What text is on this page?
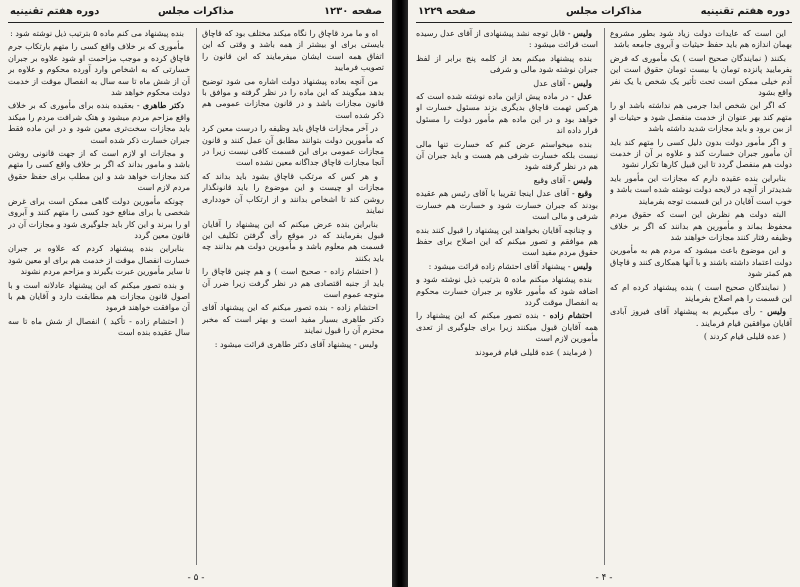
صفحه ۱۲۳۰
مذاکرات مجلس
دوره هفتم تقنینیه

اه و ما مرد قاچاق را نگاه میکند مختلف بود که قاچاق بایستی برای او بیشتر از همه باشد و وقتی که این اتفاق همه است ایشان میفرمایند که این قانون را تصویب فرمایید

من آنچه بعاده پیشنهاد دولت اشاره می شود توضیح بدهد میگویند که این ماده را در نظر گرفته و موافق با قانون مجازات باشد و در قانون مجازات عمومی هم ذکر شده است

در آخر مجازات قاچاق باید وظیفه را درست معین کرد که مأمورین دولت بتوانند مطابق آن عمل کنند و قانون مجازات عمومی برای این قسمت کافی نیست زیرا در آنجا مجازات قاچاق جداگانه معین نشده است

و هر کس که مرتکب قاچاق بشود باید بداند که مجازات او چیست و این موضوع را باید قانونگذار روشن کند تا اشخاص بدانند و از ارتکاب آن خودداری نمایند

بنابراین بنده عرض میکنم که این پیشنهاد را آقایان قبول بفرمایند که در موقع رأی گرفتن تکلیف این قسمت هم معلوم باشد و مأمورین دولت هم بدانند چه باید بکنند

( احتشام زاده - صحیح است ) و هم چنین قاچاق را باید از جنبه اقتصادی هم در نظر گرفت زیرا ضرر آن متوجه عموم است

احتشام زاده - بنده تصور میکنم که این پیشنهاد آقای دکتر طاهری بسیار مفید است و بهتر است که مخبر محترم آن را قبول نمایند

ولیس - پیشنهاد آقای دکتر طاهری قرائت میشود :

بنده پیشنهاد می کنم ماده ۵ بترتیب ذیل نوشته شود :

مأموری که بر خلاف واقع کسی را متهم بارتکاب جرم قاچاق کرده و موجب مزاحمت او شود علاوه بر جبران خسارتی که به اشخاص وارد آورده محکوم و علاوه بر آن از شش ماه تا سه سال به انفصال موقت از خدمت دولت محکوم خواهد شد

دکتر طاهری - بعقیده بنده برای مأموری که بر خلاف واقع مزاحم مردم میشود و هتک شرافت مردم را میکند باید مجازات سخت‌تری معین شود و در این ماده فقط جبران خسارت ذکر شده است

و مجازات او لازم است که از جهت قانونی روشن باشد و مامور بداند که اگر بر خلاف واقع کسی را متهم کند مجازات خواهد شد و این مطلب برای حفظ حقوق مردم لازم است

چونکه مأمورین دولت گاهی ممکن است برای غرض شخصی یا برای منافع خود کسی را متهم کنند و آبروی او را ببرند و این کار باید جلوگیری شود و مجازات آن در قانون معین گردد

بنابراین بنده پیشنهاد کردم که علاوه بر جبران خسارت انفصال موقت از خدمت هم برای او معین شود تا سایر مأمورین عبرت بگیرند و مزاحم مردم نشوند

و بنده تصور میکنم که این پیشنهاد عادلانه است و با اصول قانون مجازات هم مطابقت دارد و آقایان هم با آن موافقت خواهند فرمود

( احتشام زاده - تأکید ) انفصال از شش ماه تا سه سال عقیده بنده است

- ۵ -
دوره هفتم تقنینیه
مذاکرات مجلس
صفحه ۱۲۲۹

این است که عایدات دولت زیاد شود بطور مشروع بهمان اندازه هم باید حفظ حیثیات و آبروی جامعه باشد

بکنند ( نمایندگان صحیح است ) یک مأموری که فرض بفرمایید پانزده تومان یا بیست تومان حقوق است این آدم خیلی ممکن است تحت تأثیر یک شخص یا یک نفر واقع بشود

که اگر این شخص ابدا جرمی هم نداشته باشد او را متهم کند بهر عنوان از خدمت منفصل شود و حیثیات او از بین برود و باید مجازات شدید داشته باشد

و اگر مأمور دولت بدون دلیل کسی را متهم کند باید آن مأمور جبران خسارت کند و علاوه بر آن از خدمت دولت هم منفصل گردد تا این قبیل کارها تکرار نشود

بنابراین بنده عقیده دارم که مجازات این مأمور باید شدیدتر از آنچه در لایحه دولت نوشته شده است باشد و خوب است آقایان در این قسمت توجه بفرمایند

البته دولت هم نظرش این است که حقوق مردم محفوظ بماند و مأمورین هم بدانند که اگر بر خلاف وظیفه رفتار کنند مجازات خواهند شد

و این موضوع باعث میشود که مردم هم به مأمورین دولت اعتماد داشته باشند و با آنها همکاری کنند و قاچاق هم کمتر شود

( نمایندگان صحیح است ) بنده پیشنهاد کرده ام که این قسمت را هم اصلاح بفرمایند

ولیس - رأی میگیریم به پیشنهاد آقای فیروز آبادی آقایان موافقین قیام فرمایند .

( عده قلیلی قیام کردند )

ولیس - قابل توجه نشد پیشنهادی از آقای عدل رسیده است قرائت میشود :

بنده پیشنهاد میکنم بعد از کلمه پنج برابر از لفظ جبران نوشته شود مالی و شرفی

ولیس - آقای عدل

عدل - در ماده پیش ازاین ماده نوشته شده است که هرکس تهمت قاچاق بدیگری بزند مسئول خسارت او خواهد بود و در این ماده هم مأمور دولت را مسئول قرار داده اند

بنده میخواستم عرض کنم که خسارت تنها مالی نیست بلکه خسارت شرفی هم هست و باید جبران آن هم در نظر گرفته شود

ولیس - آقای وقیع

وقیع - آقای عدل اینجا تقریبا با آقای رئیس هم عقیده بودند که جبران خسارت شود و خسارت هم خسارت شرفی و مالی است

و چنانچه آقایان بخواهند این پیشنهاد را قبول کنند بنده هم موافقم و تصور میکنم که این اصلاح برای حفظ حقوق مردم مفید است

ولیس - پیشنهاد آقای احتشام زاده قرائت میشود :

بنده پیشنهاد میکنم ماده ۵ بترتیب ذیل نوشته شود و اضافه شود که مأمور علاوه بر جبران خسارت محکوم به انفصال موقت گردد

احتشام زاده - بنده تصور میکنم که این پیشنهاد را همه آقایان قبول میکنند زیرا برای جلوگیری از تعدی مأمورین لازم است

( فرمایند ) عده قلیلی قیام فرمودند

- ۴ -
